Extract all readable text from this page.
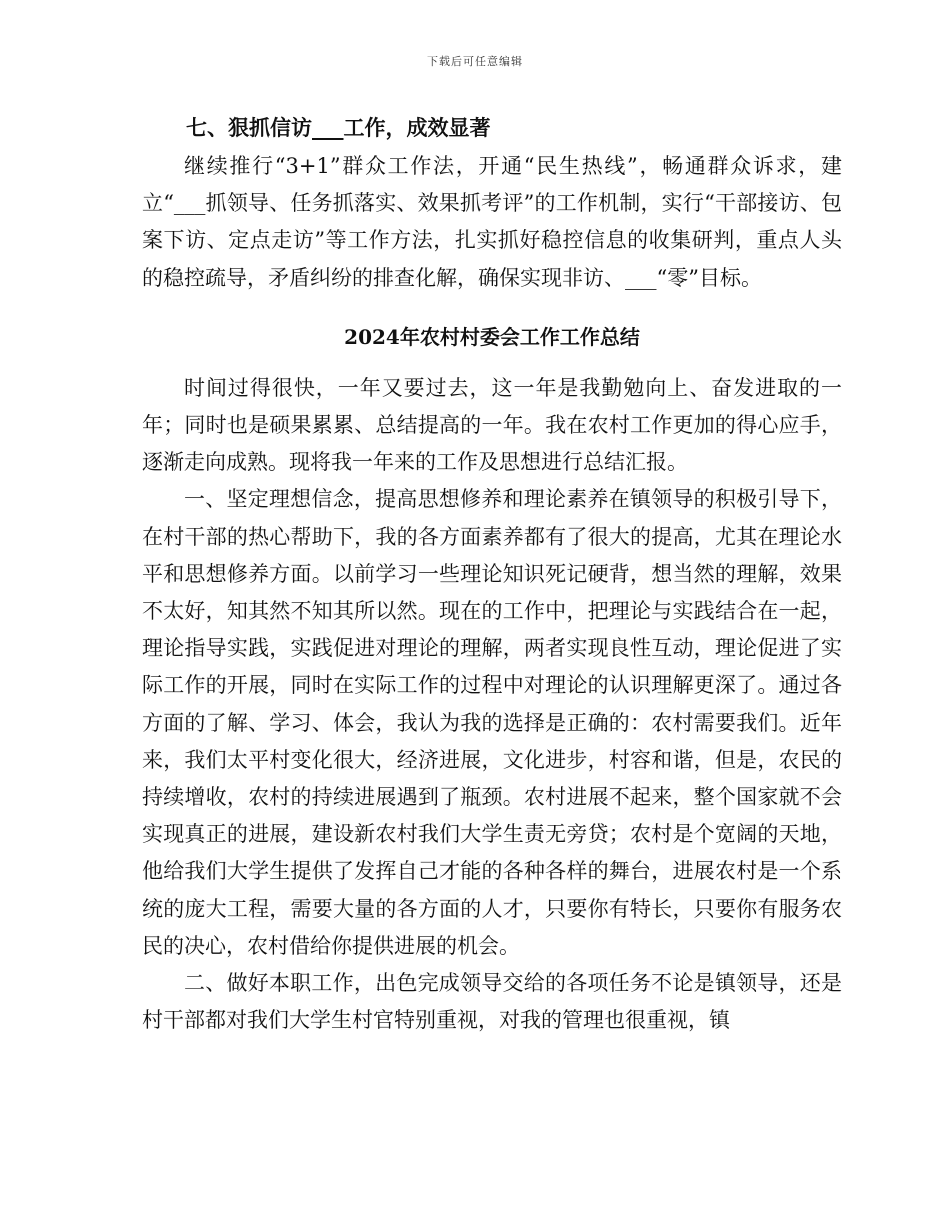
下载后可任意编辑

七、狠抓信访___工作，成效显著

继续推行“3+1”群众工作法，开通“民生热线”，畅通群众诉求，建立“___抓领导、任务抓落实、效果抓考评”的工作机制，实行“干部接访、包案下访、定点走访”等工作方法，扎实抓好稳控信息的收集研判，重点人头的稳控疏导，矛盾纠纷的排查化解，确保实现非访、___“零”目标。

2024年农村村委会工作工作总结

时间过得很快，一年又要过去，这一年是我勤勉向上、奋发进取的一年；同时也是硕果累累、总结提高的一年。我在农村工作更加的得心应手，逐渐走向成熟。现将我一年来的工作及思想进行总结汇报。

一、坚定理想信念，提高思想修养和理论素养在镇领导的积极引导下，在村干部的热心帮助下，我的各方面素养都有了很大的提高，尤其在理论水平和思想修养方面。以前学习一些理论知识死记硬背，想当然的理解，效果不太好，知其然不知其所以然。现在的工作中，把理论与实践结合在一起，理论指导实践，实践促进对理论的理解，两者实现良性互动，理论促进了实际工作的开展，同时在实际工作的过程中对理论的认识理解更深了。通过各方面的了解、学习、体会，我认为我的选择是正确的：农村需要我们。近年来，我们太平村变化很大，经济进展，文化进步，村容和谐，但是，农民的持续增收，农村的持续进展遇到了瓶颈。农村进展不起来，整个国家就不会实现真正的进展，建设新农村我们大学生责无旁贷；农村是个宽阔的天地，他给我们大学生提供了发挥自己才能的各种各样的舞台，进展农村是一个系统的庞大工程，需要大量的各方面的人才，只要你有特长，只要你有服务农民的决心，农村借给你提供进展的机会。

二、做好本职工作，出色完成领导交给的各项任务不论是镇领导，还是村干部都对我们大学生村官特别重视，对我的管理也很重视，镇
